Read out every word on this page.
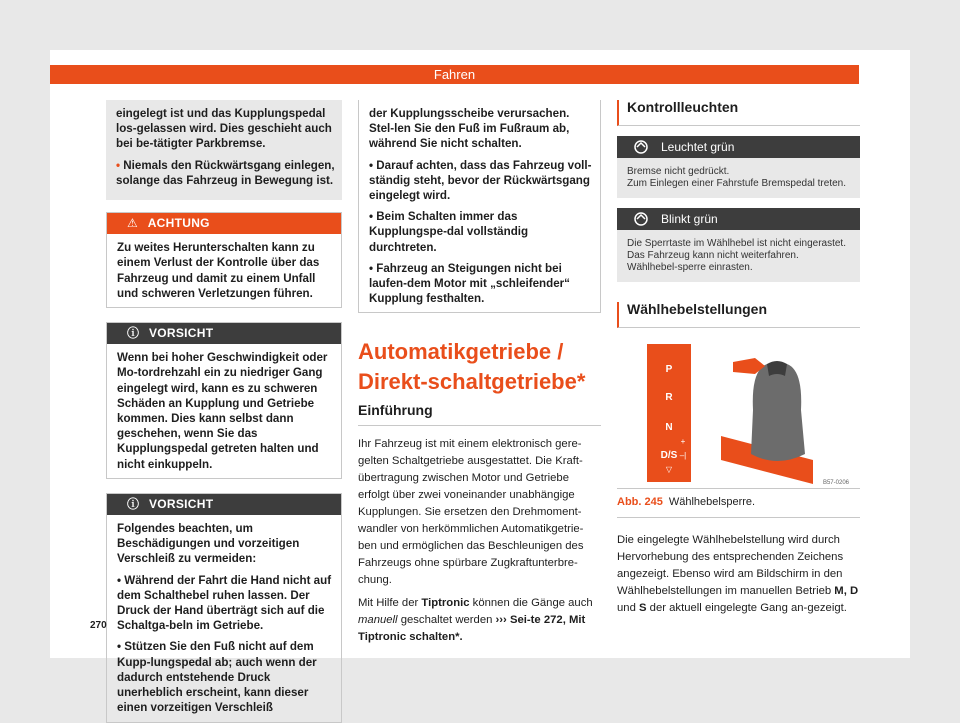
Fahren

eingelegt ist und das Kupplungspedal los-gelassen wird. Dies geschieht auch bei be-tätigter Parkbremse.

• Niemals den Rückwärtsgang einlegen, solange das Fahrzeug in Bewegung ist.

⚠ ACHTUNG
Zu weites Herunterschalten kann zu einem Verlust der Kontrolle über das Fahrzeug und damit zu einem Unfall und schweren Verletzungen führen.
ⓘ VORSICHT
Wenn bei hoher Geschwindigkeit oder Mo-tordrehzahl ein zu niedriger Gang eingelegt wird, kann es zu schweren Schäden an Kupplung und Getriebe kommen. Dies kann selbst dann geschehen, wenn Sie das Kupplungspedal getreten halten und nicht einkuppeln.
ⓘ VORSICHT

Folgendes beachten, um Beschädigungen und vorzeitigen Verschleiß zu vermeiden:

• Während der Fahrt die Hand nicht auf dem Schalthebel ruhen lassen. Der Druck der Hand überträgt sich auf die Schaltga-beln im Getriebe.

• Stützen Sie den Fuß nicht auf dem Kupp-lungspedal ab; auch wenn der dadurch entstehende Druck unerheblich erscheint, kann dieser einen vorzeitigen Verschleiß

der Kupplungsscheibe verursachen. Stel-len Sie den Fuß im Fußraum ab, während Sie nicht schalten.

• Darauf achten, dass das Fahrzeug voll-ständig steht, bevor der Rückwärtsgang eingelegt wird.

• Beim Schalten immer das Kupplungspe-dal vollständig durchtreten.

• Fahrzeug an Steigungen nicht bei laufen-dem Motor mit „schleifender“ Kupplung festhalten.

Automatikgetriebe / Direkt-schaltgetriebe*
Einführung

Ihr Fahrzeug ist mit einem elektronisch gere-gelten Schaltgetriebe ausgestattet. Die Kraft-übertragung zwischen Motor und Getriebe erfolgt über zwei voneinander unabhängige Kupplungen. Sie ersetzen den Drehmoment-wandler von herkömmlichen Automatikgetrie-ben und ermöglichen das Beschleunigen des Fahrzeugs ohne spürbare Zugkraftunterbre-chung.

Mit Hilfe der Tiptronic können die Gänge auch manuell geschaltet werden ››› Sei-te 272, Mit Tiptronic schalten*.

Kontrollleuchten
Leuchtet grün
Bremse nicht gedrückt.
Zum Einlegen einer Fahrstufe Bremspedal treten.
Blinkt grün
Die Sperrtaste im Wählhebel ist nicht eingerastet.
Das Fahrzeug kann nicht weiterfahren. Wählhebel-sperre einrasten.
Wählhebelstellungen
P
R
N
D/S
+
–|
▽
B57-0206
Abb. 245 Wählhebelsperre.

Die eingelegte Wählhebelstellung wird durch Hervorhebung des entsprechenden Zeichens angezeigt. Ebenso wird am Bildschirm in den Wählhebelstellungen im manuellen Betrieb M, D und S der aktuell eingelegte Gang an-gezeigt.

270
